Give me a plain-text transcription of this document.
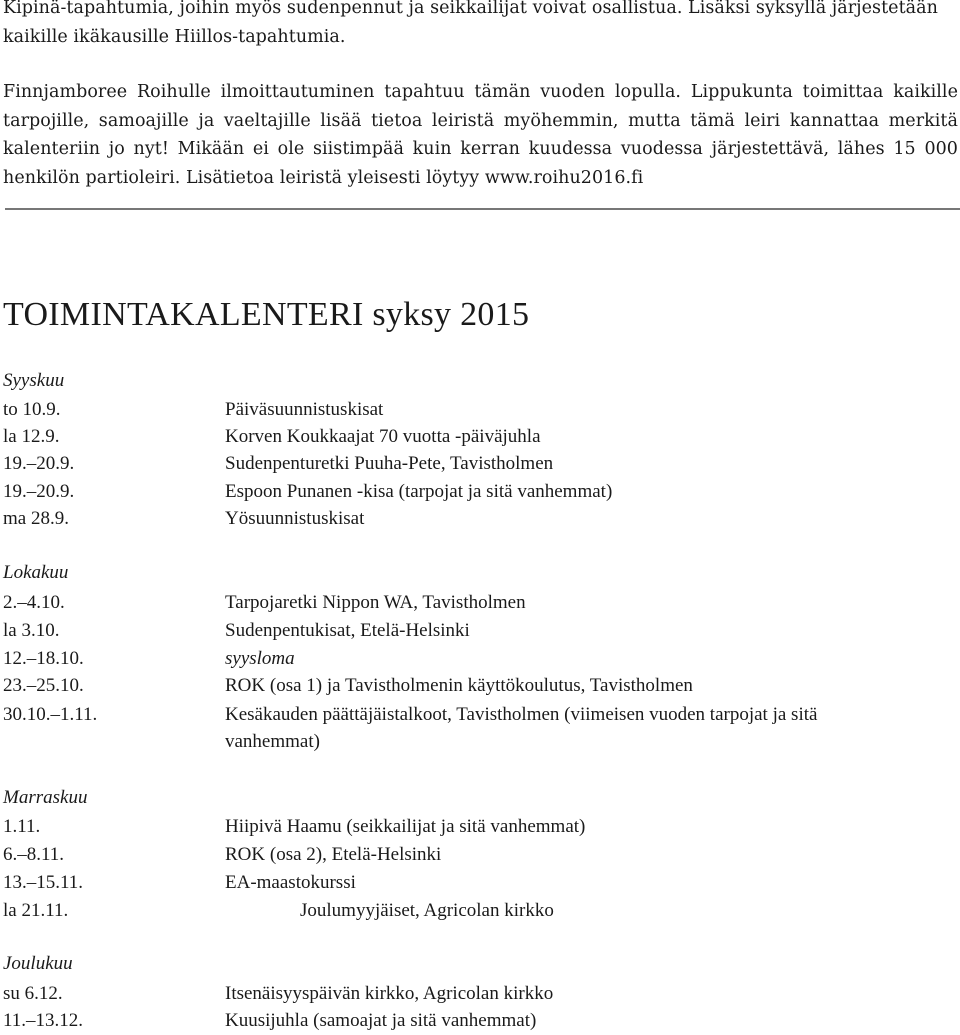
Kipinä-tapahtumia, joihin myös sudenpennut ja seikkailijat voivat osallistua. Lisäksi syksyllä järjestetään
kaikille ikäkausille Hiillos-tapahtumia.

Finnjamboree Roihulle ilmoittautuminen tapahtuu tämän vuoden lopulla. Lippukunta toimittaa kaikille tarpojille, samoajille ja vaeltajille lisää tietoa leiristä myöhemmin, mutta tämä leiri kannattaa merkitä kalenteriin jo nyt! Mikään ei ole siistimpää kuin kerran kuudessa vuodessa järjestettävä, lähes 15 000 henkilön partioleiri. Lisätietoa leiristä yleisesti löytyy www.roihu2016.fi

TOIMINTAKALENTERI syksy 2015
Syyskuu
to 10.9.	Päiväsuunnistuskisat
la 12.9.	Korven Koukkaajat 70 vuotta -päiväjuhla
19.–20.9.	Sudenpenturetki Puuha-Pete, Tavistholmen
19.–20.9.	Espoon Punanen -kisa (tarpojat ja sitä vanhemmat)
ma 28.9.	Yösuunnistuskisat
Lokakuu
2.–4.10.	Tarpojaretki Nippon WA, Tavistholmen
la 3.10.	Sudenpentukisat, Etelä-Helsinki
12.–18.10.	syysloma
23.–25.10.	ROK (osa 1) ja Tavistholmenin käyttökoulutus, Tavistholmen
30.10.–1.11.	Kesäkauden päättäjäistalkoot, Tavistholmen (viimeisen vuoden tarpojat ja sitä
vanhemmat)
Marraskuu
1.11.	Hiipivä Haamu (seikkailijat ja sitä vanhemmat)
6.–8.11.	ROK (osa 2), Etelä-Helsinki
13.–15.11.	EA-maastokurssi
la 21.11.	Joulumyyjäiset, Agricolan kirkko
Joulukuu
su 6.12.	Itsenäisyyspäivän kirkko, Agricolan kirkko
11.–13.12.	Kuusijuhla (samoajat ja sitä vanhemmat)
